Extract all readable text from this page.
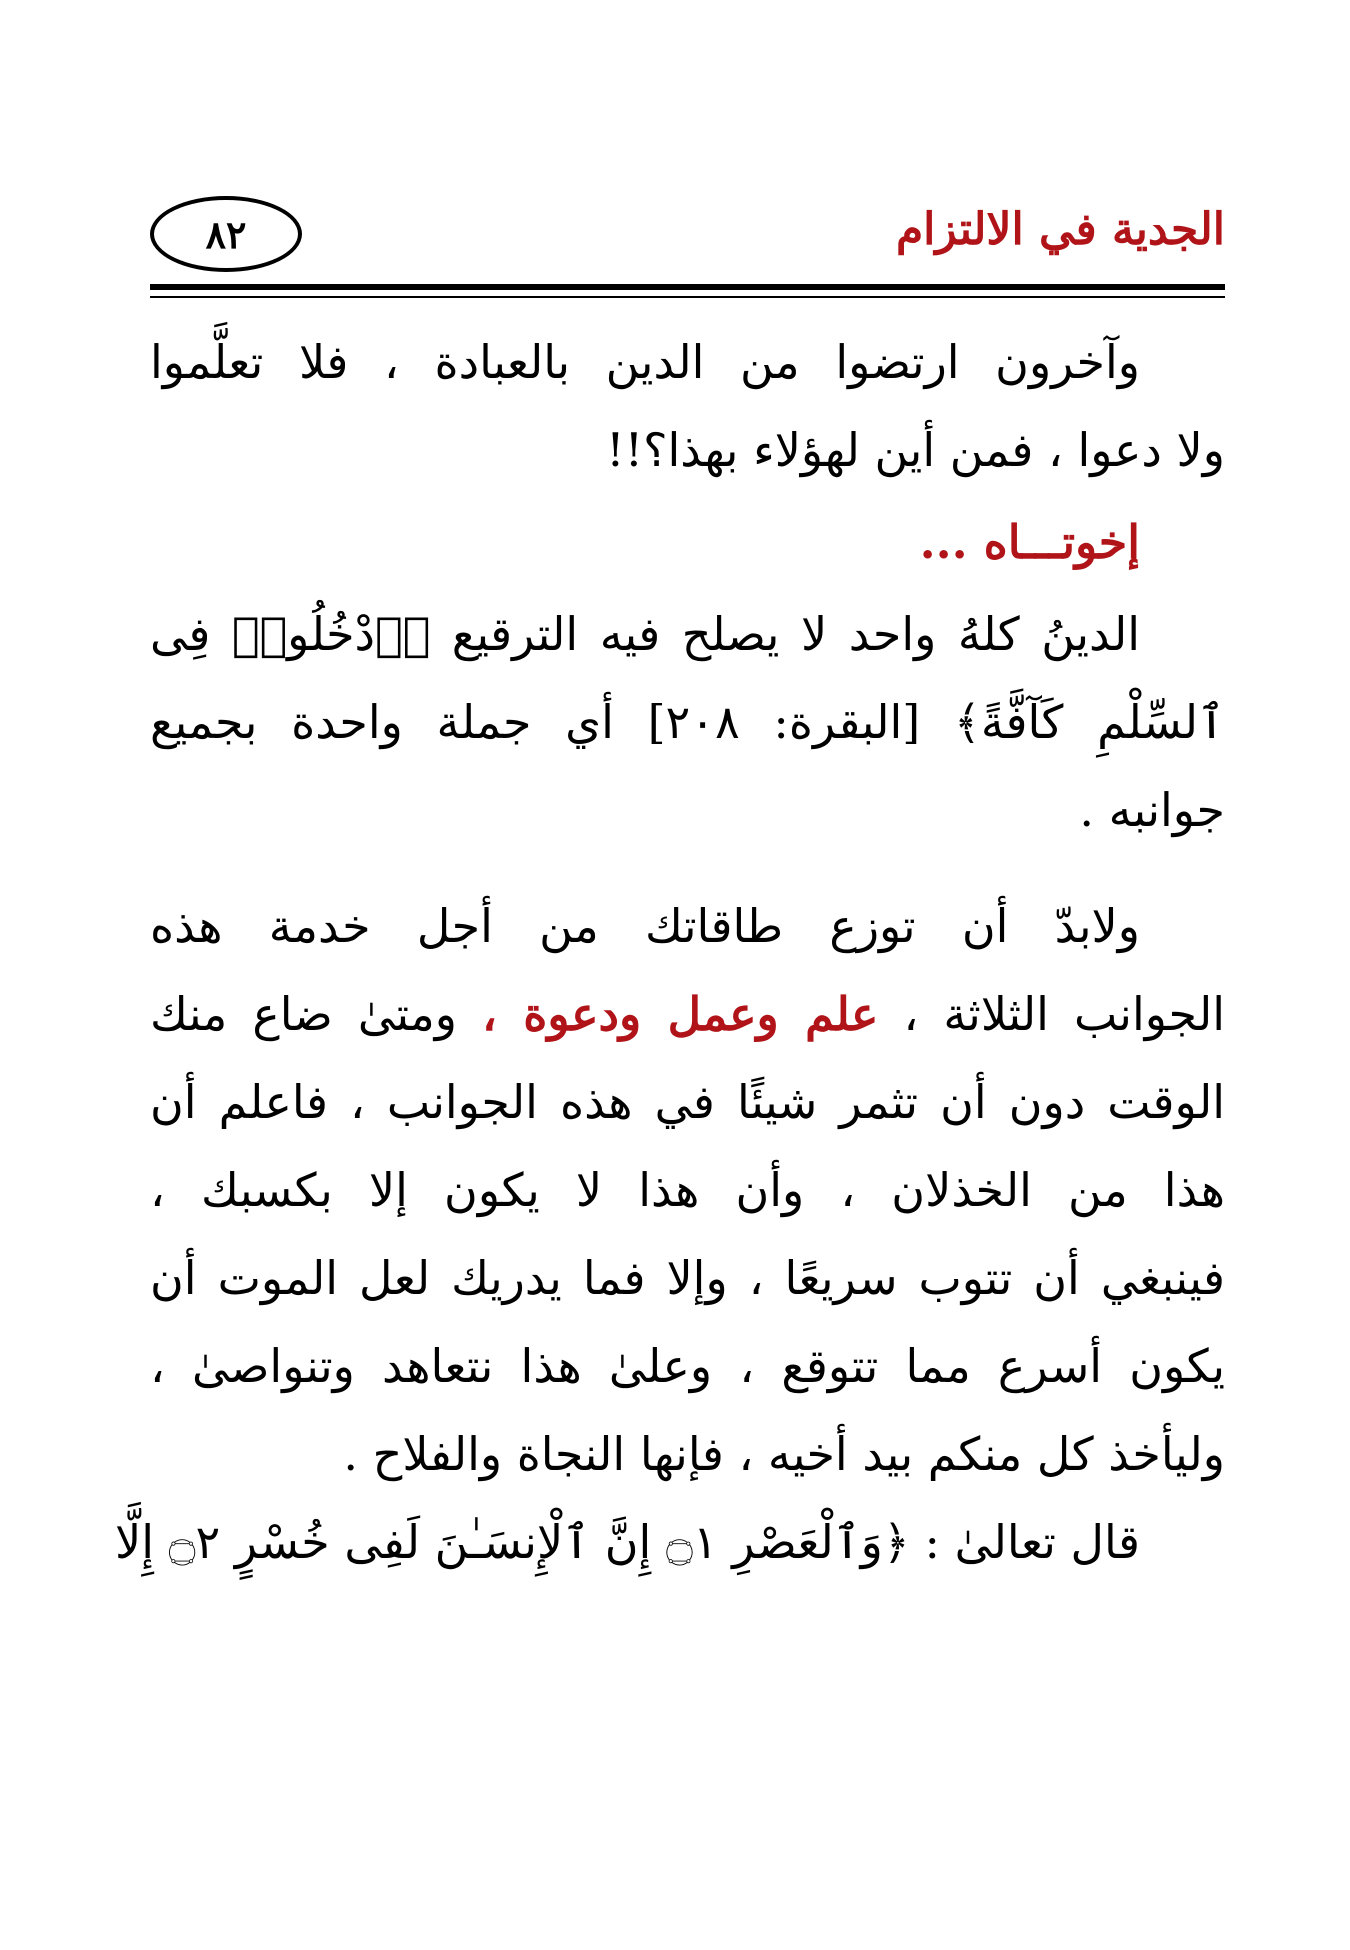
الجدية في الالتزام
٨٢
وآخرون ارتضوا من الدين بالعبادة ، فلا تعلَّموا
ولا دعوا ، فمن أين لهؤلاء بهذا؟!!
إخوتـــاه ...
الدينُ كلهُ واحد لا يصلح فيه الترقيع ﴿ٱدْخُلُوا۟ فِى
ٱلسِّلْمِ كَآفَّةً﴾ [البقرة: ٢٠٨] أي جملة واحدة بجميع
جوانبه .
ولابدّ أن توزع طاقاتك من أجل خدمة هذه
الجوانب الثلاثة ، علم وعمل ودعوة ، ومتىٰ ضاع منك
الوقت دون أن تثمر شيئًا في هذه الجوانب ، فاعلم أن
هذا من الخذلان ، وأن هذا لا يكون إلا بكسبك ،
فينبغي أن تتوب سريعًا ، وإلا فما يدريك لعل الموت أن
يكون أسرع مما تتوقع ، وعلىٰ هذا نتعاهد وتنواصىٰ ،
وليأخذ كل منكم بيد أخيه ، فإنها النجاة والفلاح .
قال تعالىٰ : ﴿وَٱلْعَصْرِ ۝١ إِنَّ ٱلْإِنسَـٰنَ لَفِى خُسْرٍ ۝٢ إِلَّا
